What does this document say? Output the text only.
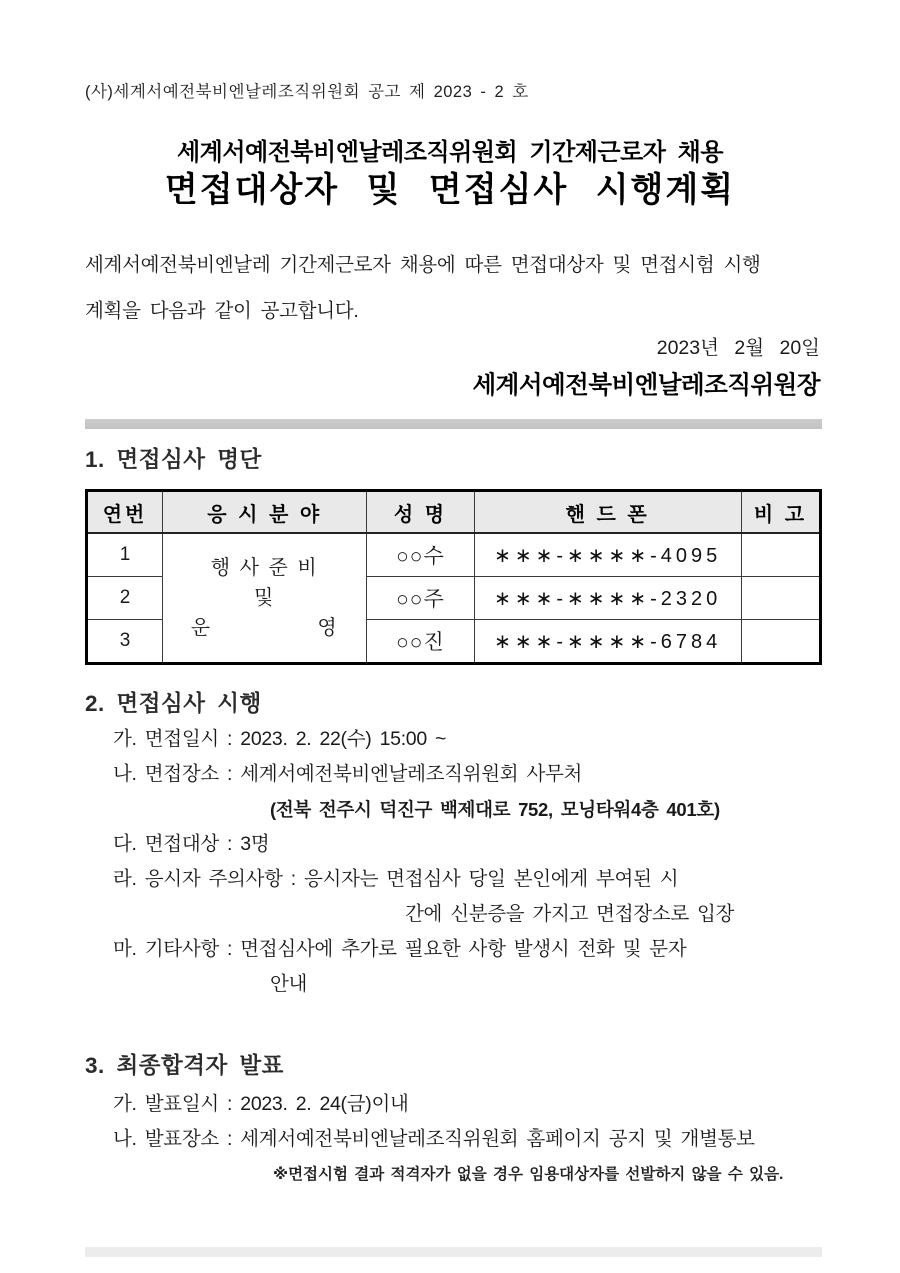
(사)세계서예전북비엔날레조직위원회 공고 제 2023 - 2 호
세계서예전북비엔날레조직위원회 기간제근로자 채용
면접대상자 및 면접심사 시행계획
세계서예전북비엔날레 기간제근로자 채용에 따른 면접대상자 및 면접시험 시행
계획을 다음과 같이 공고합니다.
2023년 2월 20일
세계서예전북비엔날레조직위원장
1. 면접심사 명단
연번	응 시 분 야	성 명	핸 드 폰	비 고
1	행 사 준 비
및
운 영	○○수	∗∗∗-∗∗∗∗-4095	
2		○○주	∗∗∗-∗∗∗∗-2320	
3		○○진	∗∗∗-∗∗∗∗-6784	
2. 면접심사 시행
가. 면접일시 : 2023. 2. 22(수) 15:00 ~
나. 면접장소 : 세계서예전북비엔날레조직위원회 사무처
(전북 전주시 덕진구 백제대로 752, 모닝타워4층 401호)
다. 면접대상 : 3명
라. 응시자 주의사항 : 응시자는 면접심사 당일 본인에게 부여된 시
간에 신분증을 가지고 면접장소로 입장
마. 기타사항 : 면접심사에 추가로 필요한 사항 발생시 전화 및 문자
안내
3. 최종합격자 발표
가. 발표일시 : 2023. 2. 24(금)이내
나. 발표장소 : 세계서예전북비엔날레조직위원회 홈페이지 공지 및 개별통보
※면접시험 결과 적격자가 없을 경우 임용대상자를 선발하지 않을 수 있음.
